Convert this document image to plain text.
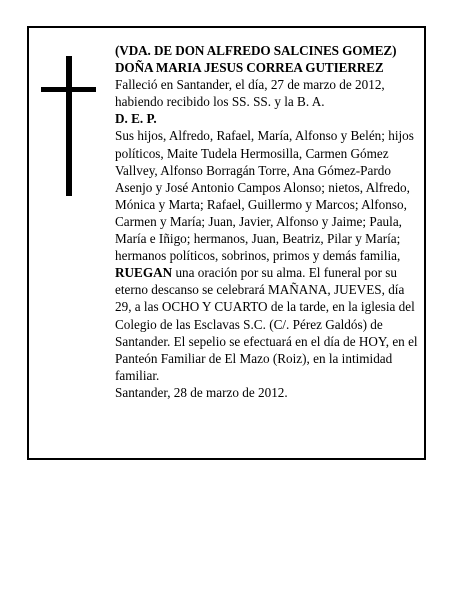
(VDA. DE DON ALFREDO SALCINES GOMEZ)

DOÑA MARIA JESUS CORREA GUTIERREZ

Falleció en Santander, el día, 27 de marzo de 2012, habiendo recibido los SS. SS. y la B. A.

D. E. P.

Sus hijos, Alfredo, Rafael, María, Alfonso y Belén; hijos políticos, Maite Tudela Hermosilla, Carmen Gómez Vallvey, Alfonso Borragán Torre, Ana Gómez-Pardo Asenjo y José Antonio Campos Alonso; nietos, Alfredo, Mónica y Marta; Rafael, Guillermo y Marcos; Alfonso, Carmen y María; Juan, Javier, Alfonso y Jaime; Paula, María e Iñigo; hermanos, Juan, Beatriz, Pilar y María; hermanos políticos, sobrinos, primos y demás familia,

RUEGAN una oración por su alma. El funeral por su eterno descanso se celebrará MAÑANA, JUEVES, día 29, a las OCHO Y CUARTO de la tarde, en la iglesia del Colegio de las Esclavas S.C. (C/. Pérez Galdós) de Santander. El sepelio se efectuará en el día de HOY, en el Panteón Familiar de El Mazo (Roiz), en la intimidad familiar.

Santander, 28 de marzo de 2012.
